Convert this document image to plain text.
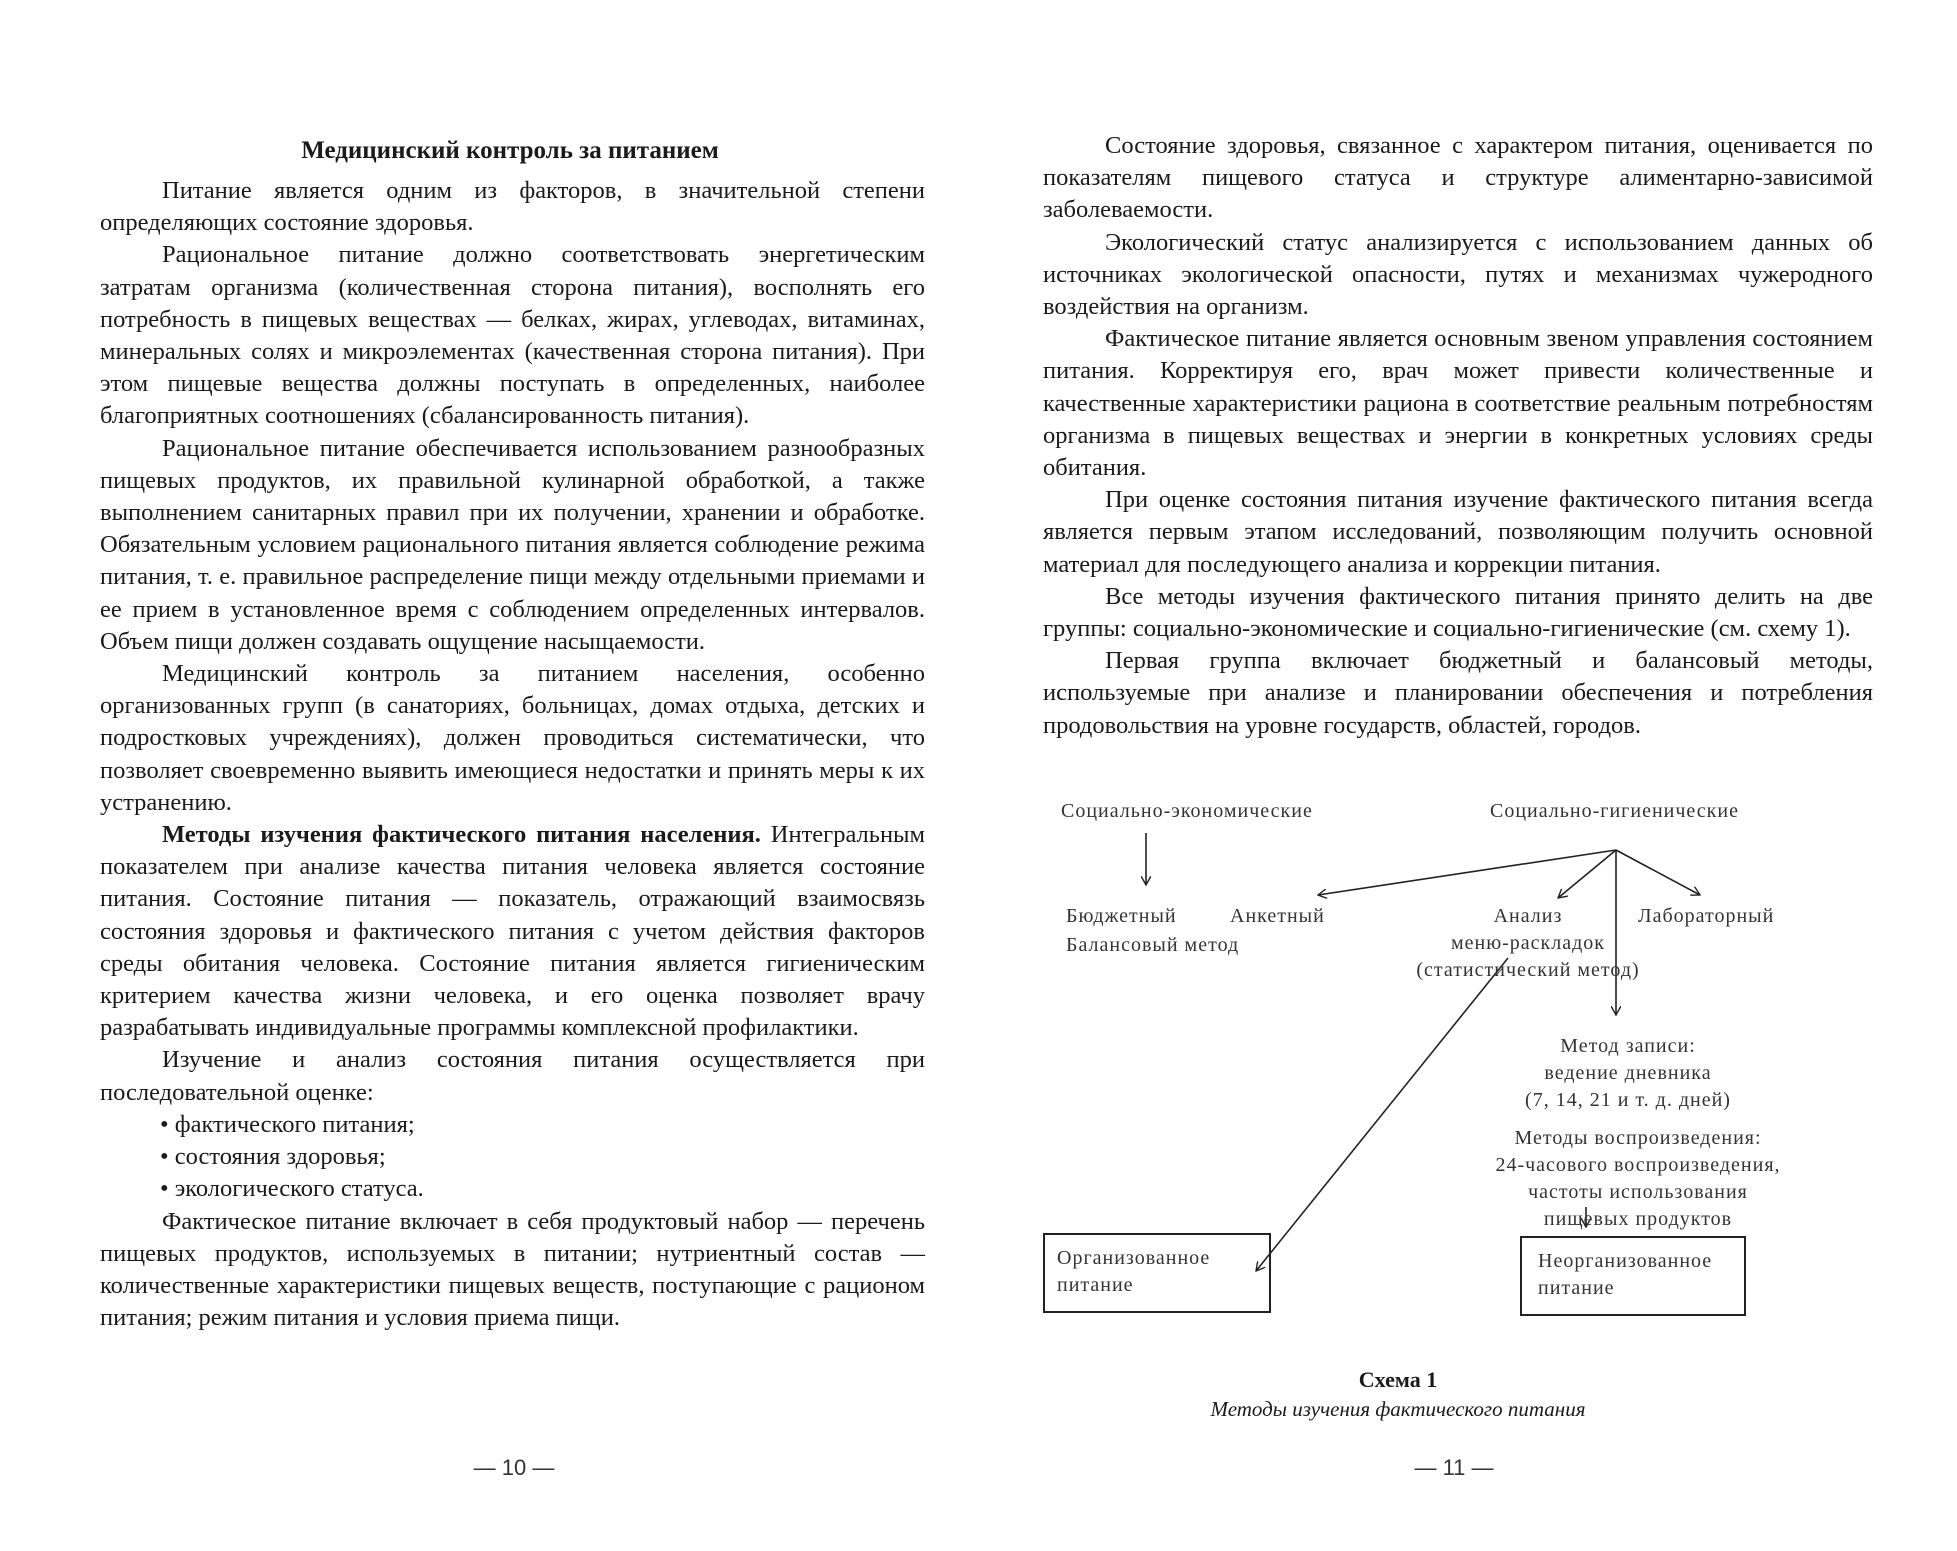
Медицинский контроль за питанием

Питание является одним из факторов, в значительной степени определяющих состояние здоровья.

Рациональное питание должно соответствовать энергетическим затратам организма (количественная сторона питания), восполнять его потребность в пищевых веществах — белках, жирах, углеводах, витаминах, минеральных солях и микроэлементах (качественная сторона питания). При этом пищевые вещества должны поступать в определенных, наиболее благоприятных соотношениях (сбалансированность питания).

Рациональное питание обеспечивается использованием разнообразных пищевых продуктов, их правильной кулинарной обработкой, а также выполнением санитарных правил при их получении, хранении и обработке. Обязательным условием рационального питания является соблюдение режима питания, т. е. правильное распределение пищи между отдельными приемами и ее прием в установленное время с соблюдением определенных интервалов. Объем пищи должен создавать ощущение насыщаемости.

Медицинский контроль за питанием населения, особенно организованных групп (в санаториях, больницах, домах отдыха, детских и подростковых учреждениях), должен проводиться систематически, что позволяет своевременно выявить имеющиеся недостатки и принять меры к их устранению.

Методы изучения фактического питания населения. Интегральным показателем при анализе качества питания человека является состояние питания. Состояние питания — показатель, отражающий взаимосвязь состояния здоровья и фактического питания с учетом действия факторов среды обитания человека. Состояние питания является гигиеническим критерием качества жизни человека, и его оценка позволяет врачу разрабатывать индивидуальные программы комплексной профилактики.

Изучение и анализ состояния питания осуществляется при последовательной оценке:

• фактического питания;
• состояния здоровья;
• экологического статуса.

Фактическое питание включает в себя продуктовый набор — перечень пищевых продуктов, используемых в питании; нутриентный состав — количественные характеристики пищевых веществ, поступающие с рационом питания; режим питания и условия приема пищи.

— 10 —

Состояние здоровья, связанное с характером питания, оценивается по показателям пищевого статуса и структуре алиментарно-зависимой заболеваемости.

Экологический статус анализируется с использованием данных об источниках экологической опасности, путях и механизмах чужеродного воздействия на организм.

Фактическое питание является основным звеном управления состоянием питания. Корректируя его, врач может привести количественные и качественные характеристики рациона в соответствие реальным потребностям организма в пищевых веществах и энергии в конкретных условиях среды обитания.

При оценке состояния питания изучение фактического питания всегда является первым этапом исследований, позволяющим получить основной материал для последующего анализа и коррекции питания.

Все методы изучения фактического питания принято делить на две группы: социально-экономические и социально-гигиенические (см. схему 1).

Первая группа включает бюджетный и балансовый методы, используемые при анализе и планировании обеспечения и потребления продовольствия на уровне государств, областей, городов.

Социально-экономические	Социально-гигиенические
Бюджетный
Балансовый метод
Анкетный	Анализ
меню-раскладок
(статистический метод)
Лабораторный
Метод записи:
ведение дневника
(7, 14, 21 и т. д. дней)
Методы воспроизведения:
24-часового воспроизведения,
частоты использования
пищевых продуктов
Организованное
питание
Неорганизованное
питание
Схема 1
Методы изучения фактического питания
— 11 —
